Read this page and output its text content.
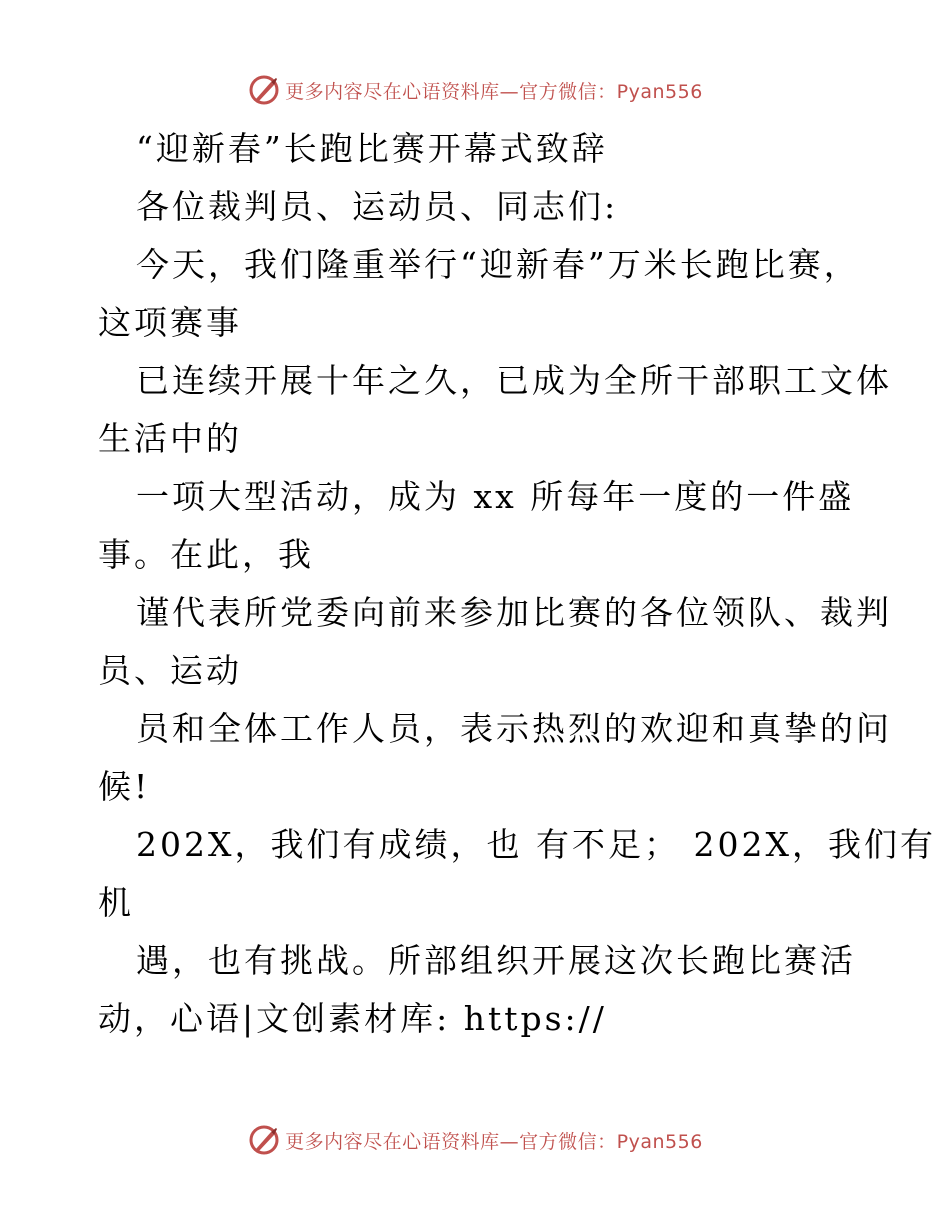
更多内容尽在心语资料库—官方微信：Pyan556
“迎新春”长跑比赛开幕式致辞
各位裁判员、运动员、同志们:
今天，我们隆重举行“迎新春”万米长跑比赛，
这项赛事
已连续开展十年之久，已成为全所干部职工文体
生活中的
一项大型活动，成为 xx 所每年一度的一件盛
事。在此，我
谨代表所党委向前来参加比赛的各位领队、裁判
员、运动
员和全体工作人员，表示热烈的欢迎和真挚的问
候!
202X，我们有成绩，也 有不足； 202X，我们有
机
遇，也有挑战。所部组织开展这次长跑比赛活
动，心语|文创素材库: https://
更多内容尽在心语资料库—官方微信：Pyan556
